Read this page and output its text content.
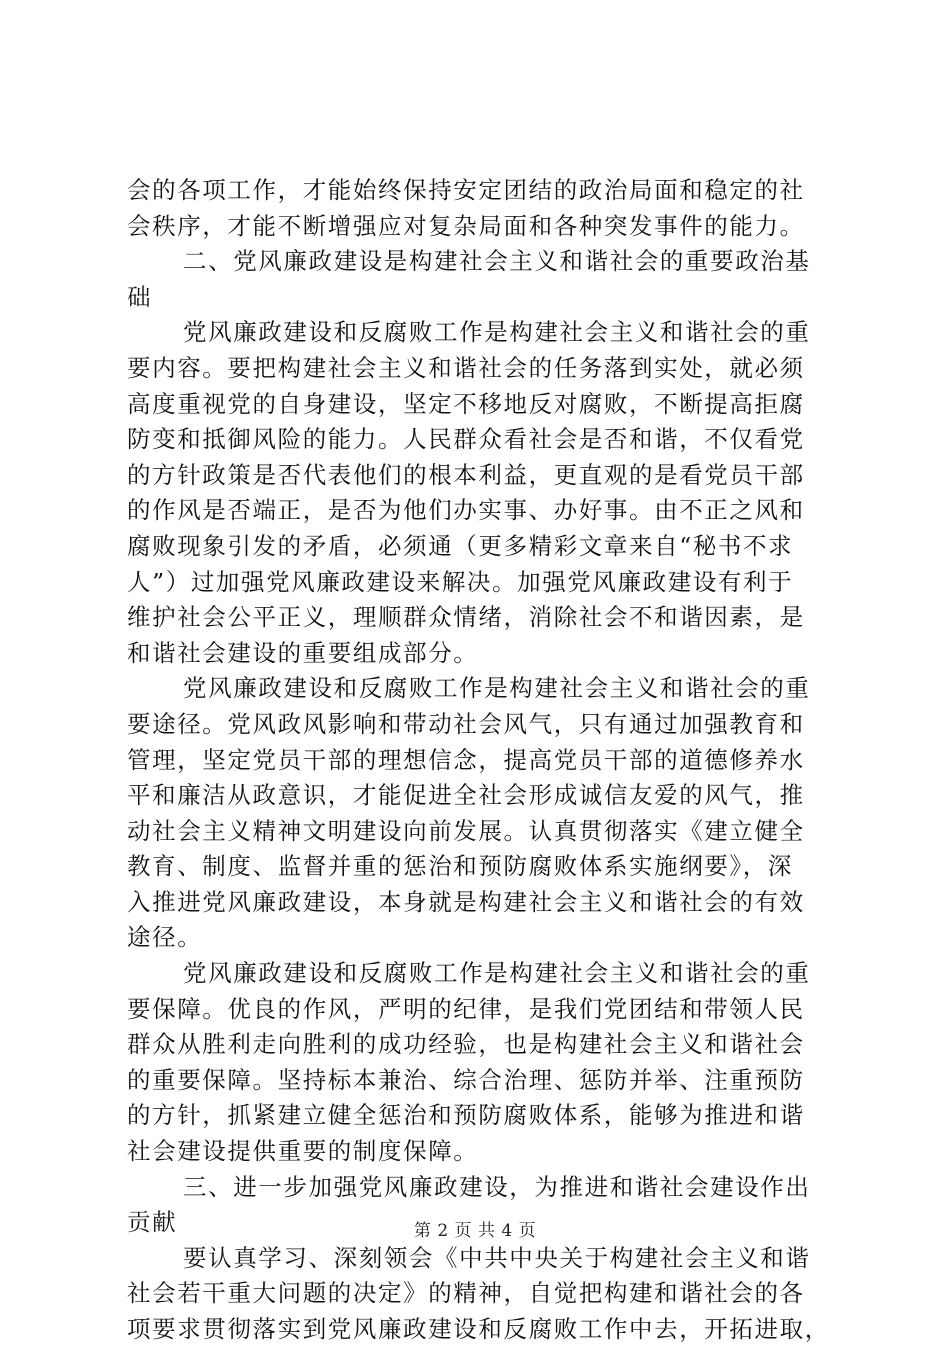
会的各项工作，才能始终保持安定团结的政治局面和稳定的社
会秩序，才能不断增强应对复杂局面和各种突发事件的能力。
二、党风廉政建设是构建社会主义和谐社会的重要政治基
础
党风廉政建设和反腐败工作是构建社会主义和谐社会的重
要内容。要把构建社会主义和谐社会的任务落到实处，就必须
高度重视党的自身建设，坚定不移地反对腐败，不断提高拒腐
防变和抵御风险的能力。人民群众看社会是否和谐，不仅看党
的方针政策是否代表他们的根本利益，更直观的是看党员干部
的作风是否端正，是否为他们办实事、办好事。由不正之风和
腐败现象引发的矛盾，必须通（更多精彩文章来自“秘书不求
人”）过加强党风廉政建设来解决。加强党风廉政建设有利于
维护社会公平正义，理顺群众情绪，消除社会不和谐因素，是
和谐社会建设的重要组成部分。
党风廉政建设和反腐败工作是构建社会主义和谐社会的重
要途径。党风政风影响和带动社会风气，只有通过加强教育和
管理，坚定党员干部的理想信念，提高党员干部的道德修养水
平和廉洁从政意识，才能促进全社会形成诚信友爱的风气，推
动社会主义精神文明建设向前发展。认真贯彻落实《建立健全
教育、制度、监督并重的惩治和预防腐败体系实施纲要》，深
入推进党风廉政建设，本身就是构建社会主义和谐社会的有效
途径。
党风廉政建设和反腐败工作是构建社会主义和谐社会的重
要保障。优良的作风，严明的纪律，是我们党团结和带领人民
群众从胜利走向胜利的成功经验，也是构建社会主义和谐社会
的重要保障。坚持标本兼治、综合治理、惩防并举、注重预防
的方针，抓紧建立健全惩治和预防腐败体系，能够为推进和谐
社会建设提供重要的制度保障。
三、进一步加强党风廉政建设，为推进和谐社会建设作出
贡献
要认真学习、深刻领会《中共中央关于构建社会主义和谐
社会若干重大问题的决定》的精神，自觉把构建和谐社会的各
项要求贯彻落实到党风廉政建设和反腐败工作中去，开拓进取，
第 2 页 共 4 页
